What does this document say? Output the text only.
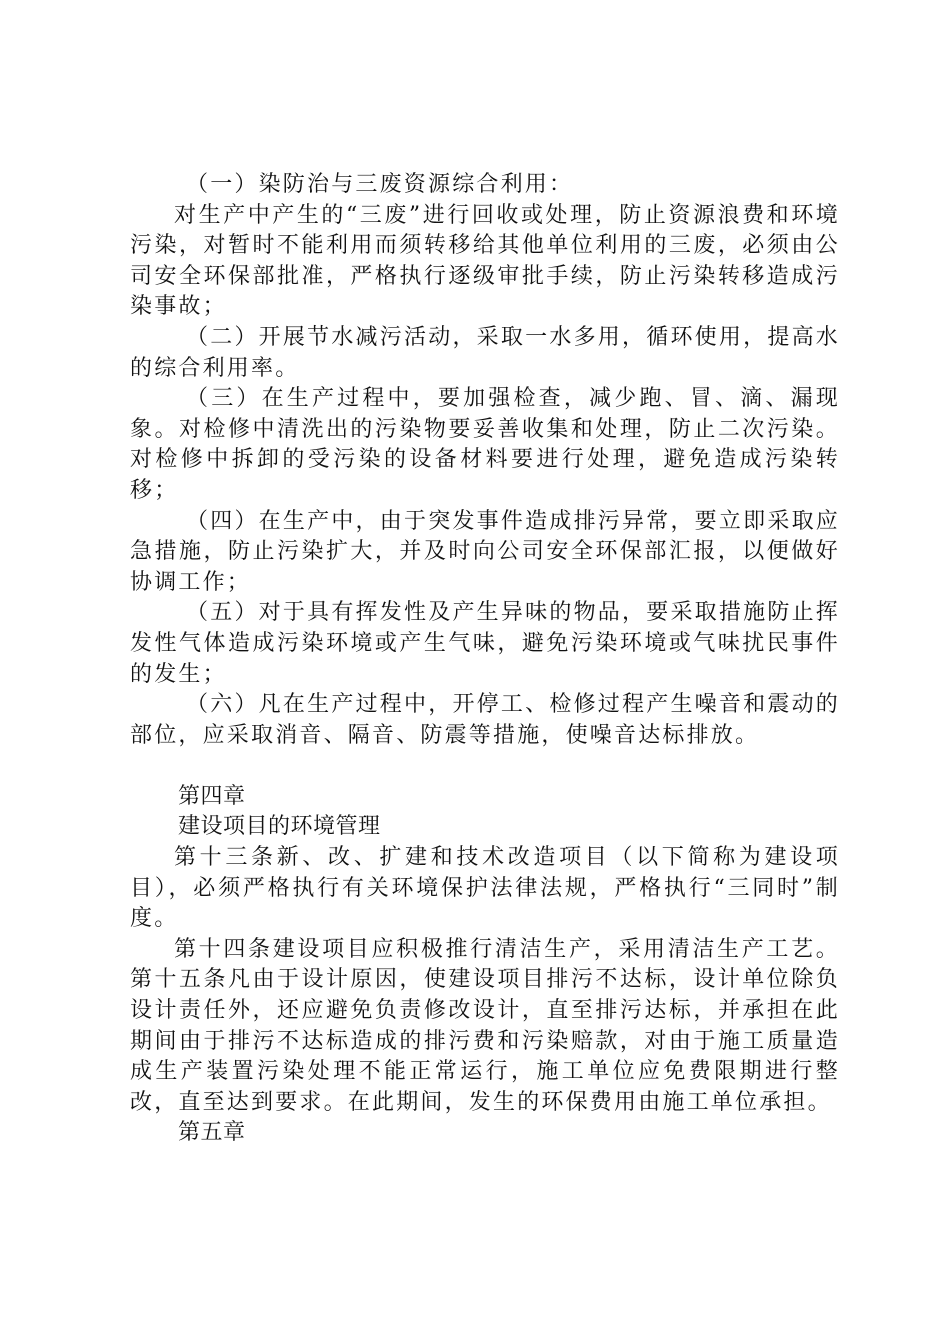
（一）染防治与三废资源综合利用：

对生产中产生的“三废”进行回收或处理，防止资源浪费和环境污染，对暂时不能利用而须转移给其他单位利用的三废，必须由公司安全环保部批准，严格执行逐级审批手续，防止污染转移造成污染事故；

（二）开展节水减污活动，采取一水多用，循环使用，提高水的综合利用率。

（三）在生产过程中，要加强检查，减少跑、冒、滴、漏现象。对检修中清洗出的污染物要妥善收集和处理，防止二次污染。对检修中拆卸的受污染的设备材料要进行处理，避免造成污染转移；

（四）在生产中，由于突发事件造成排污异常，要立即采取应急措施，防止污染扩大，并及时向公司安全环保部汇报，以便做好协调工作；

（五）对于具有挥发性及产生异味的物品，要采取措施防止挥发性气体造成污染环境或产生气味，避免污染环境或气味扰民事件的发生；

（六）凡在生产过程中，开停工、检修过程产生噪音和震动的部位，应采取消音、隔音、防震等措施，使噪音达标排放。

第四章

建设项目的环境管理

第十三条新、改、扩建和技术改造项目（以下简称为建设项目），必须严格执行有关环境保护法律法规，严格执行“三同时”制度。

第十四条建设项目应积极推行清洁生产，采用清洁生产工艺。第十五条凡由于设计原因，使建设项目排污不达标，设计单位除负设计责任外，还应避免负责修改设计，直至排污达标，并承担在此期间由于排污不达标造成的排污费和污染赔款，对由于施工质量造成生产装置污染处理不能正常运行，施工单位应免费限期进行整改，直至达到要求。在此期间，发生的环保费用由施工单位承担。

第五章
